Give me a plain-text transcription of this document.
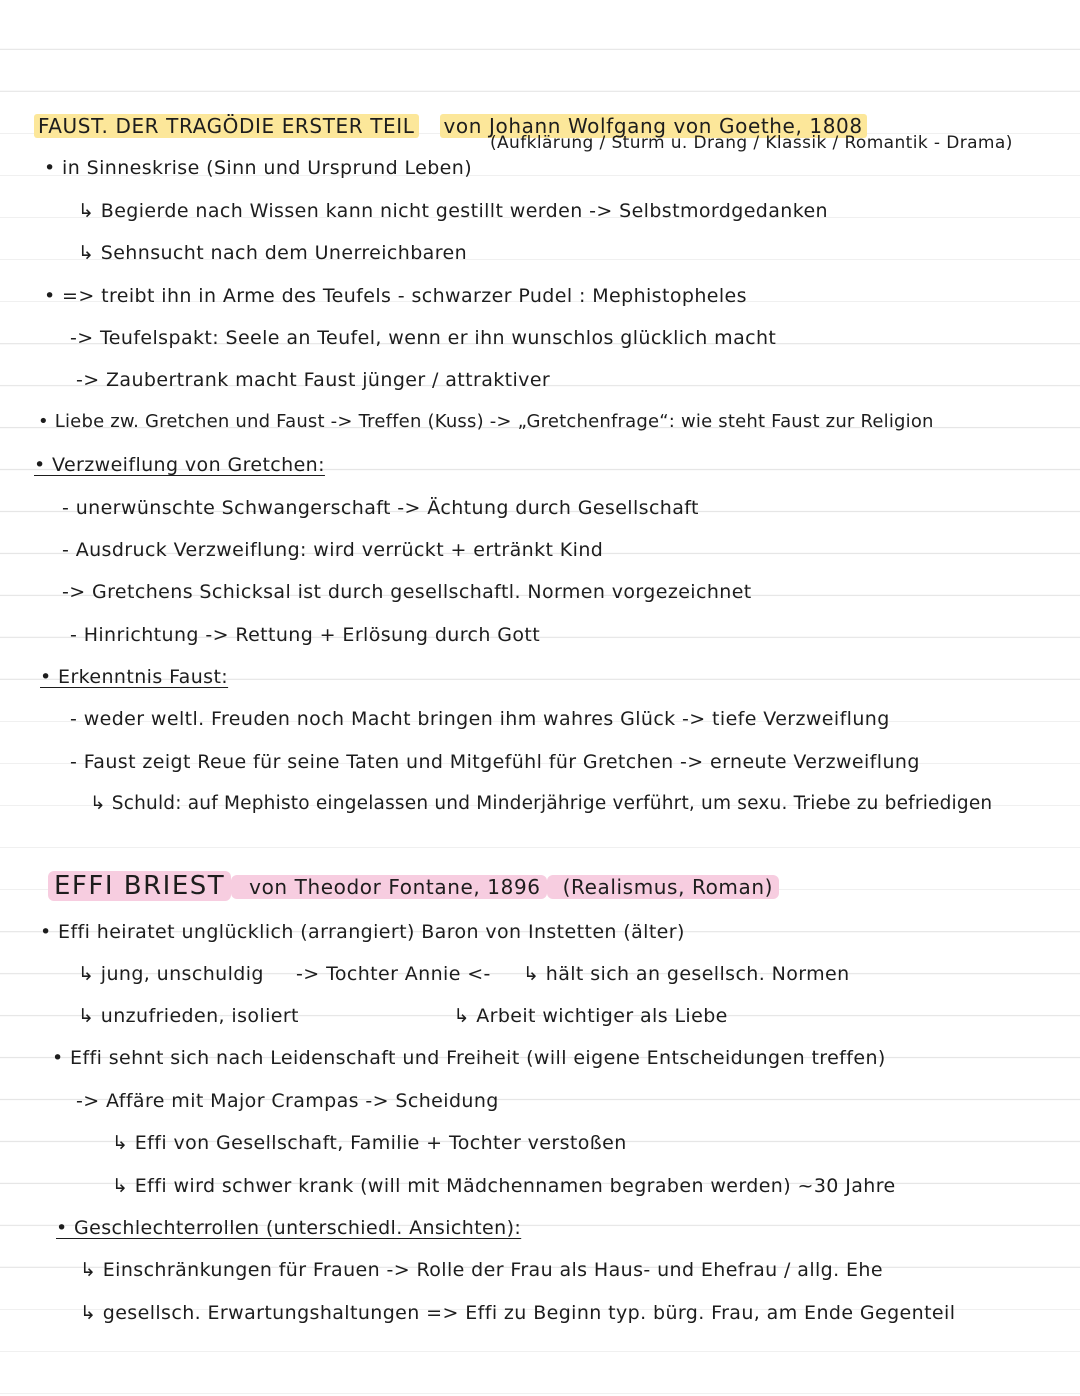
FAUST. DER TRAGÖDIE ERSTER TEIL von Johann Wolfgang von Goethe, 1808
(Aufklärung / Sturm u. Drang / Klassik / Romantik - Drama)
• in Sinneskrise (Sinn und Ursprund Leben)
↳ Begierde nach Wissen kann nicht gestillt werden -> Selbstmordgedanken
↳ Sehnsucht nach dem Unerreichbaren
• => treibt ihn in Arme des Teufels - schwarzer Pudel : Mephistopheles
-> Teufelspakt: Seele an Teufel, wenn er ihn wunschlos glücklich macht
-> Zaubertrank macht Faust jünger / attraktiver
• Liebe zw. Gretchen und Faust -> Treffen (Kuss) -> „Gretchenfrage“: wie steht Faust zur Religion
• Verzweiflung von Gretchen:
- unerwünschte Schwangerschaft -> Ächtung durch Gesellschaft
- Ausdruck Verzweiflung: wird verrückt + ertränkt Kind
-> Gretchens Schicksal ist durch gesellschaftl. Normen vorgezeichnet
- Hinrichtung -> Rettung + Erlösung durch Gott
• Erkenntnis Faust:
- weder weltl. Freuden noch Macht bringen ihm wahres Glück -> tiefe Verzweiflung
- Faust zeigt Reue für seine Taten und Mitgefühl für Gretchen -> erneute Verzweiflung
↳ Schuld: auf Mephisto eingelassen und Minderjährige verführt, um sexu. Triebe zu befriedigen
EFFI BRIEST von Theodor Fontane, 1896 (Realismus, Roman)
• Effi heiratet unglücklich (arrangiert) Baron von Instetten (älter)
↳ jung, unschuldig     -> Tochter Annie <-     ↳ hält sich an gesellsch. Normen
↳ unzufrieden, isoliert                        ↳ Arbeit wichtiger als Liebe
• Effi sehnt sich nach Leidenschaft und Freiheit (will eigene Entscheidungen treffen)
-> Affäre mit Major Crampas -> Scheidung
↳ Effi von Gesellschaft, Familie + Tochter verstoßen
↳ Effi wird schwer krank (will mit Mädchennamen begraben werden) ~30 Jahre
• Geschlechterrollen (unterschiedl. Ansichten):
↳ Einschränkungen für Frauen -> Rolle der Frau als Haus- und Ehefrau / allg. Ehe
↳ gesellsch. Erwartungshaltungen => Effi zu Beginn typ. bürg. Frau, am Ende Gegenteil
